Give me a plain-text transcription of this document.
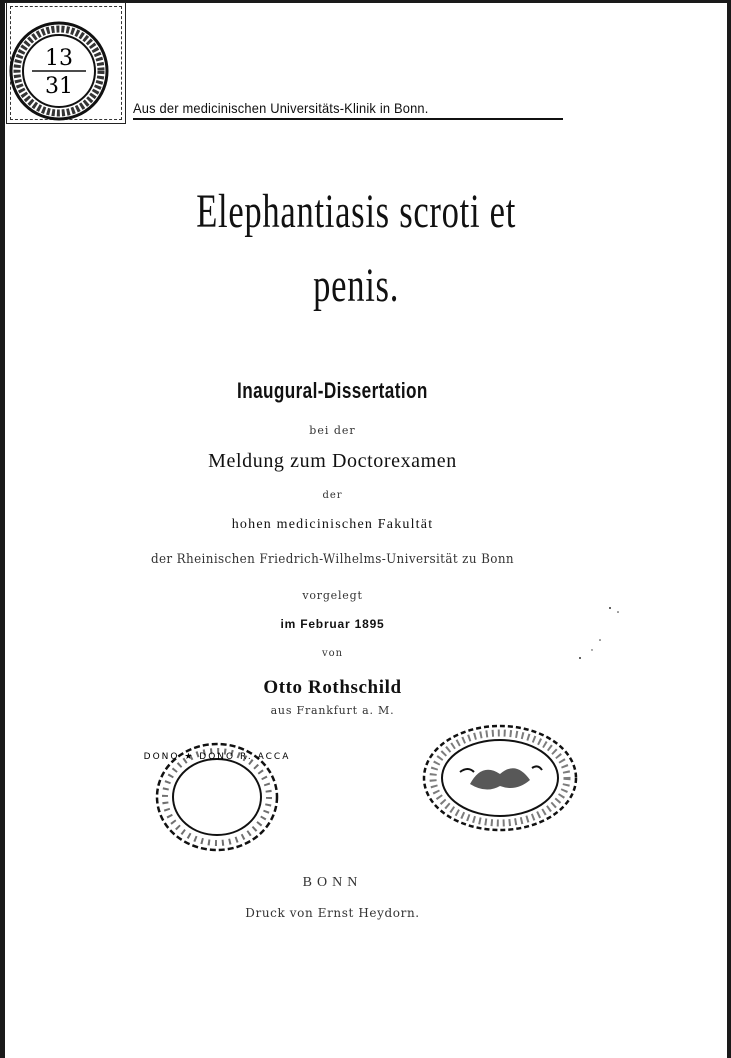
13
31
Aus der medicinischen Universitäts-Klinik in Bonn.
Elephantiasis scroti et
penis.
Inaugural-Dissertation
bei der
Meldung zum Doctorexamen
der
hohen medicinischen Fakultät
der Rheinischen Friedrich-Wilhelms-Universität zu Bonn
vorgelegt
im Februar 1895
von
Otto Rothschild
aus Frankfurt a. M.
DONO ★ DONO R. ACCA
BONN
Druck von Ernst Heydorn.
